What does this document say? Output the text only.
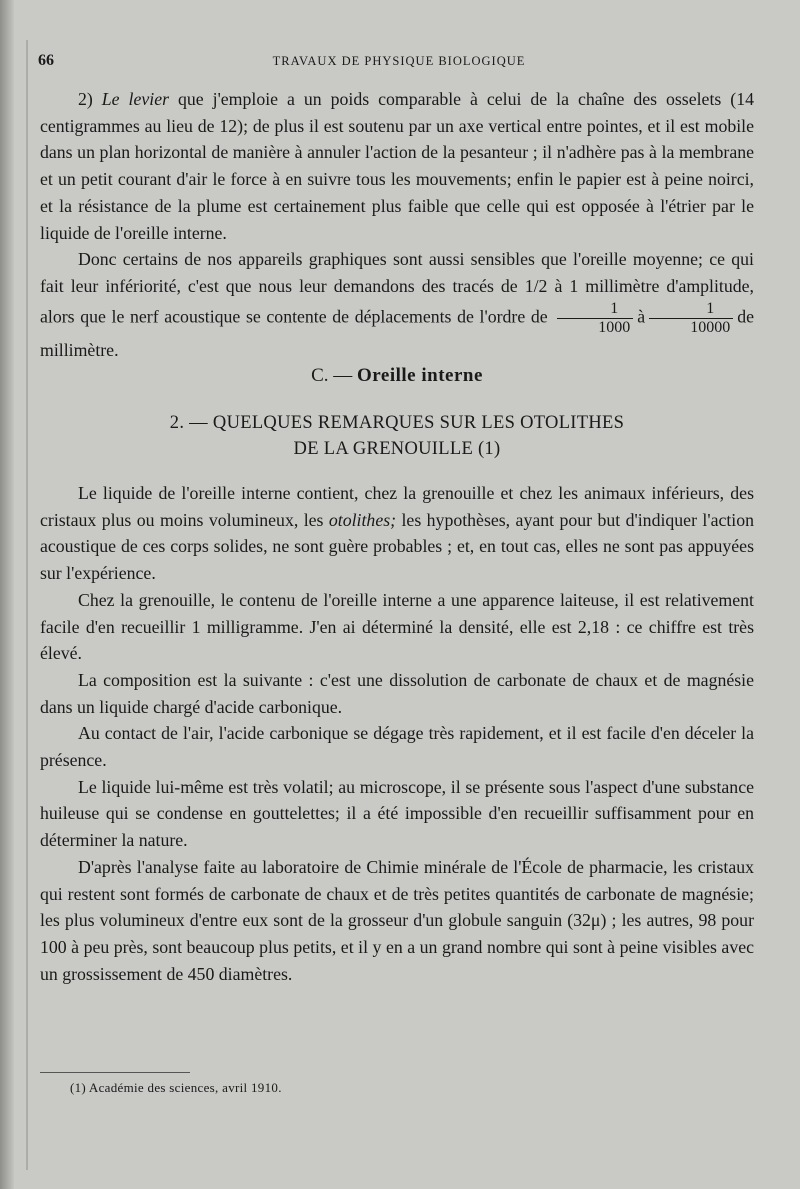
66	TRAVAUX DE PHYSIQUE BIOLOGIQUE

2) Le levier que j'emploie a un poids comparable à celui de la chaîne des osselets (14 centigrammes au lieu de 12); de plus il est soutenu par un axe vertical entre pointes, et il est mobile dans un plan horizontal de manière à annuler l'action de la pesanteur ; il n'adhère pas à la membrane et un petit courant d'air le force à en suivre tous les mouvements; enfin le papier est à peine noirci, et la résistance de la plume est certainement plus faible que celle qui est opposée à l'étrier par le liquide de l'oreille interne.

Donc certains de nos appareils graphiques sont aussi sensibles que l'oreille moyenne; ce qui fait leur infériorité, c'est que nous leur demandons des tracés de 1/2 à 1 millimètre d'amplitude, alors que le nerf acoustique se contente de déplacements de l'ordre de $\frac{1}{1000}$ à $\frac{1}{10000}$ de millimètre.

C. — Oreille interne

2. — QUELQUES REMARQUES SUR LES OTOLITHES
DE LA GRENOUILLE (1)

Le liquide de l'oreille interne contient, chez la grenouille et chez les animaux inférieurs, des cristaux plus ou moins volumineux, les otolithes; les hypothèses, ayant pour but d'indiquer l'action acoustique de ces corps solides, ne sont guère probables ; et, en tout cas, elles ne sont pas appuyées sur l'expérience.

Chez la grenouille, le contenu de l'oreille interne a une apparence laiteuse, il est relativement facile d'en recueillir 1 milligramme. J'en ai déterminé la densité, elle est 2,18 : ce chiffre est très élevé.

La composition est la suivante : c'est une dissolution de carbonate de chaux et de magnésie dans un liquide chargé d'acide carbonique.

Au contact de l'air, l'acide carbonique se dégage très rapidement, et il est facile d'en déceler la présence.

Le liquide lui-même est très volatil; au microscope, il se présente sous l'aspect d'une substance huileuse qui se condense en gouttelettes; il a été impossible d'en recueillir suffisamment pour en déterminer la nature.

D'après l'analyse faite au laboratoire de Chimie minérale de l'École de pharmacie, les cristaux qui restent sont formés de carbonate de chaux et de très petites quantités de carbonate de magnésie; les plus volumineux d'entre eux sont de la grosseur d'un globule sanguin (32μ) ; les autres, 98 pour 100 à peu près, sont beaucoup plus petits, et il y en a un grand nombre qui sont à peine visibles avec un grossissement de 450 diamètres.

(1) Académie des sciences, avril 1910.
